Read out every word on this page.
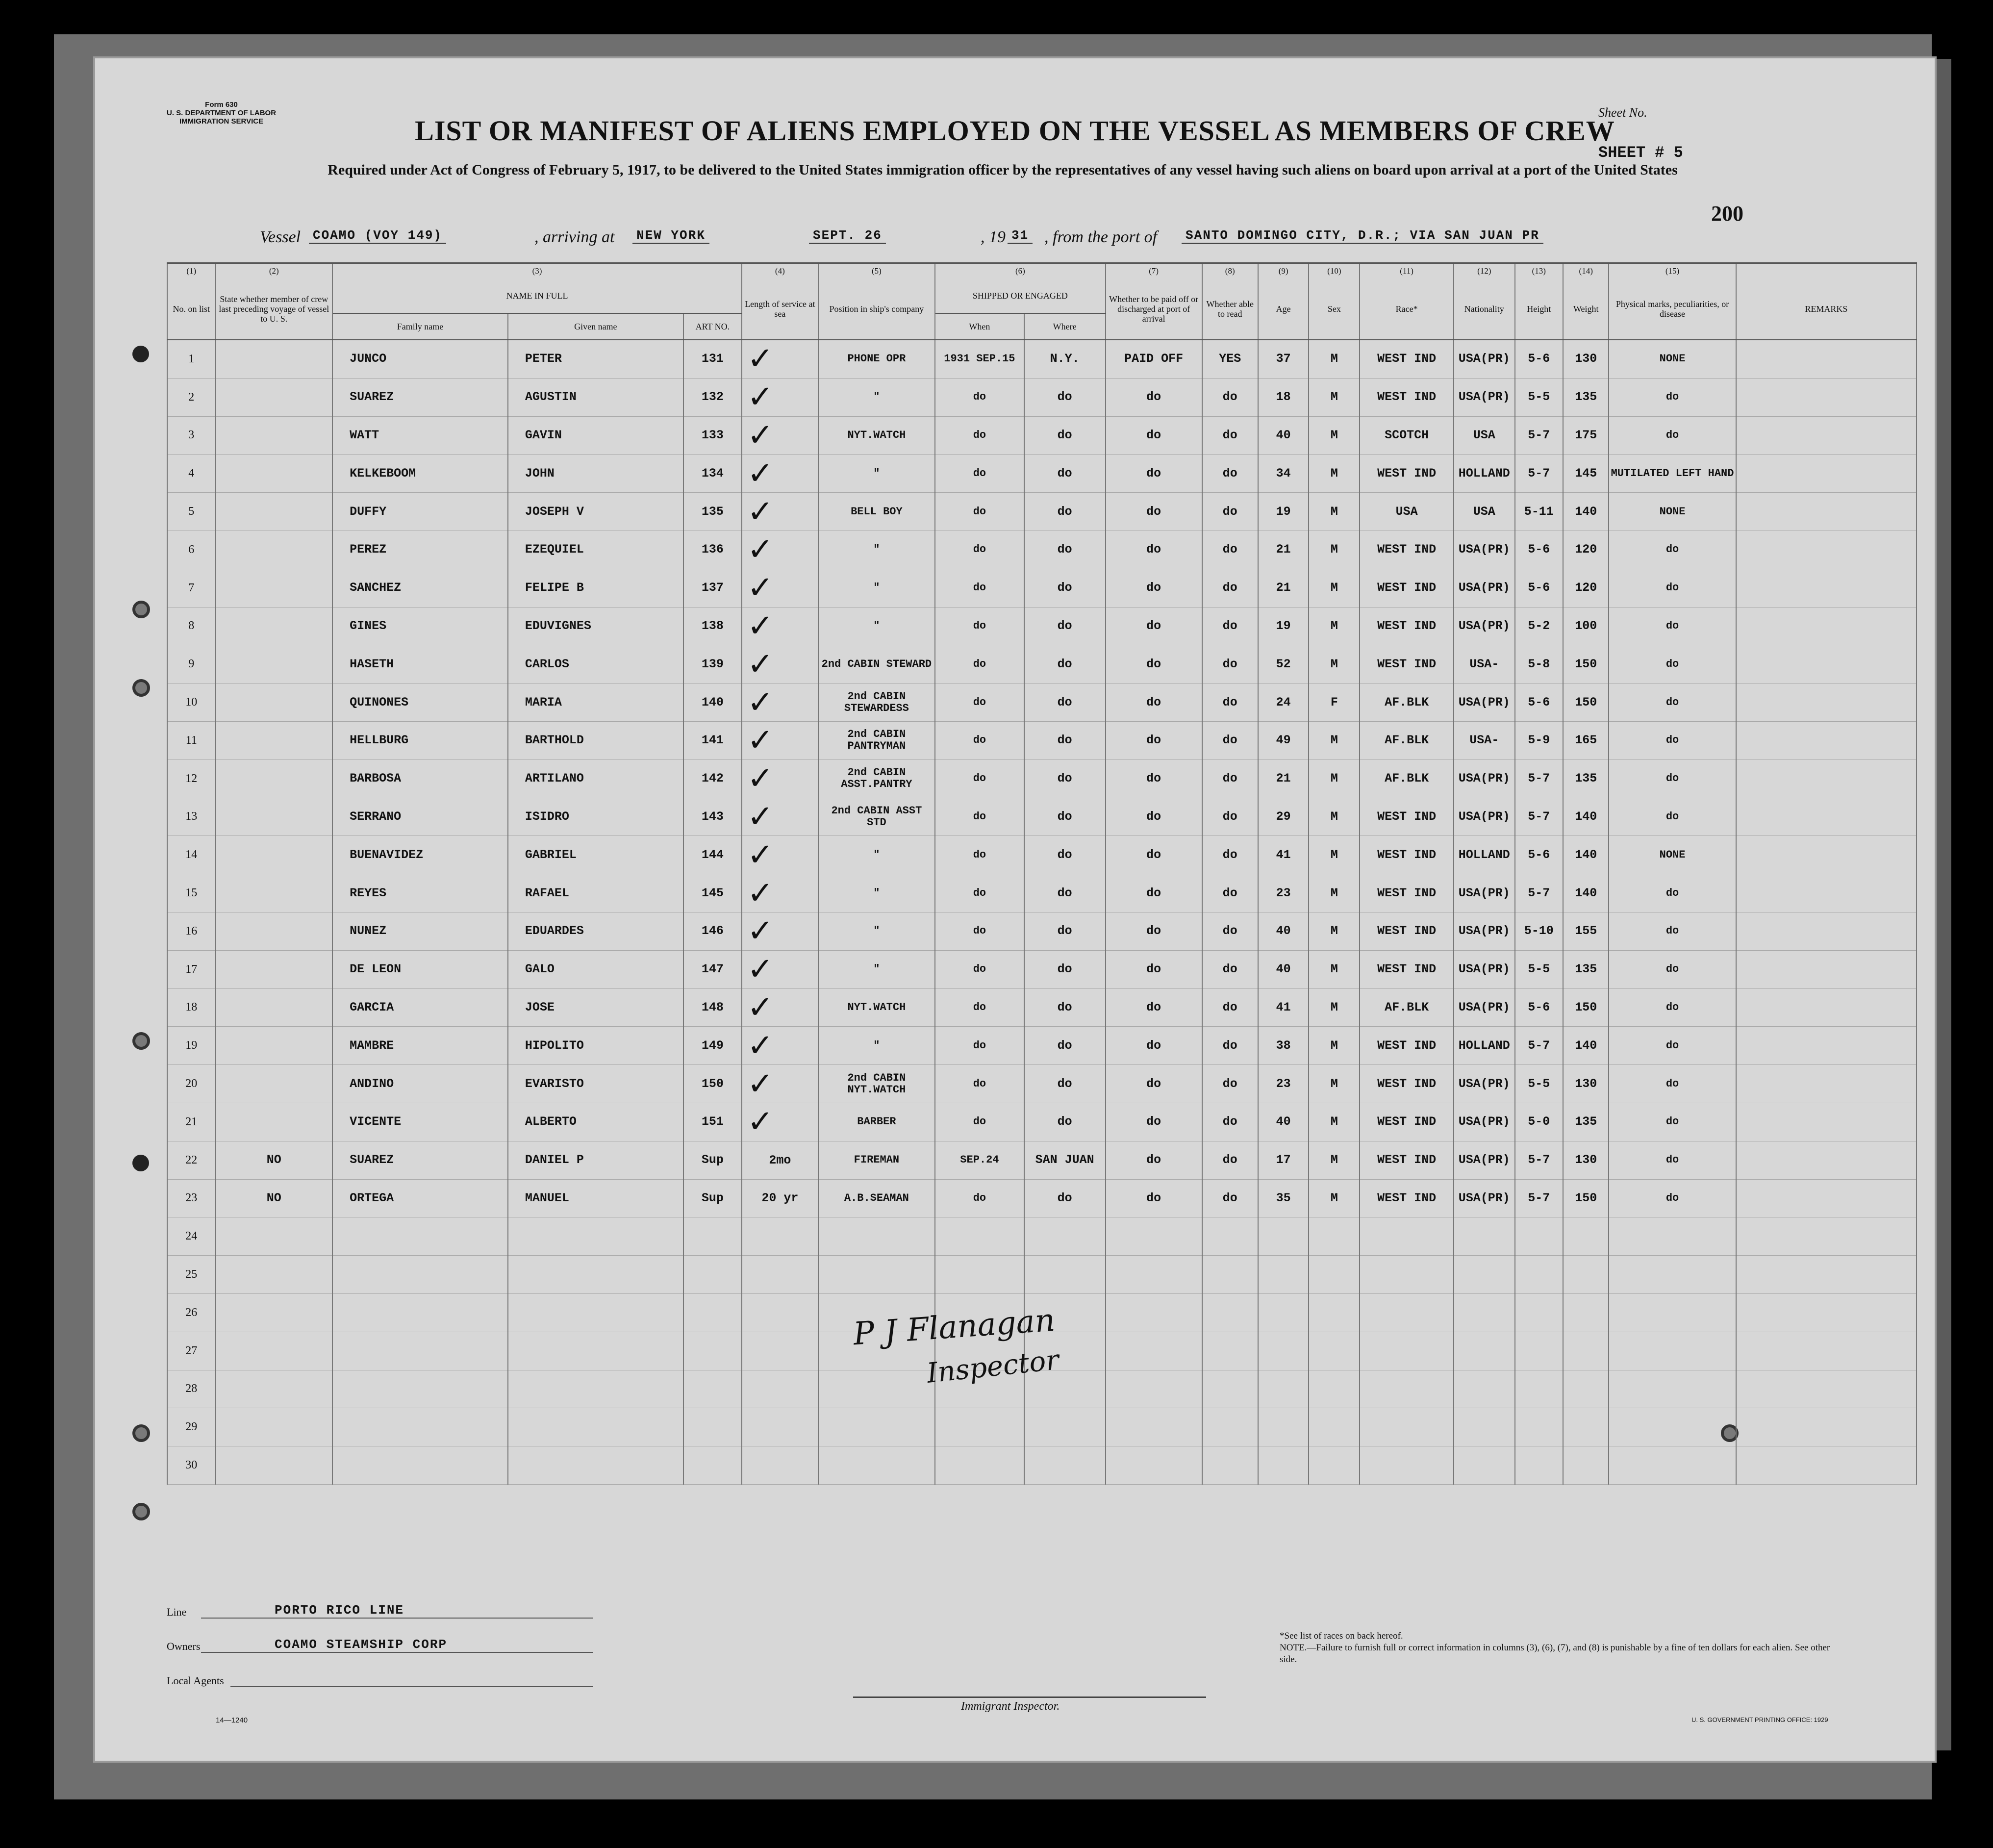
Form 630
U. S. DEPARTMENT OF LABOR
IMMIGRATION SERVICE
Sheet No.
SHEET # 5
LIST OR MANIFEST OF ALIENS EMPLOYED ON THE VESSEL AS MEMBERS OF CREW
Required under Act of Congress of February 5, 1917, to be delivered to the United States immigration officer by the representatives of any vessel having such aliens on board upon arrival at a port of the United States
200
Vessel COAMO (VOY 149)	, arriving at	NEW YORK	SEPT. 26	, 19 31 , from the port of	SANTO DOMINGO CITY, D.R.; VIA SAN JUAN PR
(1)	(2)	(3)			(4)	(5)	(6)		(7)	(8)	(9)	(10)	(11)	(12)	(13)	(14)	(15)	
No. on list	State whether member of crew last preceding voyage of vessel to U. S.	NAME IN FULL			Length of service at sea	Position in ship's company	SHIPPED OR ENGAGED		Whether to be paid off or discharged at port of arrival	Whether able to read	Age	Sex	Race*	Nationality	Height	Weight	Physical marks, peculiarities, or disease	REMARKS
		Family name	Given name	ART NO.			When	Where										
1		JUNCO	PETER	131	✓	PHONE OPR	1931 SEP.15	N.Y.	PAID OFF	YES	37	M	WEST IND	USA(PR)	5-6	130	NONE	
2		SUAREZ	AGUSTIN	132	✓	"	do	do	do	do	18	M	WEST IND	USA(PR)	5-5	135	do	
3		WATT	GAVIN	133	✓	NYT.WATCH	do	do	do	do	40	M	SCOTCH	USA	5-7	175	do	
4		KELKEBOOM	JOHN	134	✓	"	do	do	do	do	34	M	WEST IND	HOLLAND	5-7	145	MUTILATED LEFT HAND	
5		DUFFY	JOSEPH V	135	✓	BELL BOY	do	do	do	do	19	M	USA	USA	5-11	140	NONE	
6		PEREZ	EZEQUIEL	136	✓	"	do	do	do	do	21	M	WEST IND	USA(PR)	5-6	120	do	
7		SANCHEZ	FELIPE B	137	✓	"	do	do	do	do	21	M	WEST IND	USA(PR)	5-6	120	do	
8		GINES	EDUVIGNES	138	✓	"	do	do	do	do	19	M	WEST IND	USA(PR)	5-2	100	do	
9		HASETH	CARLOS	139	✓	2nd CABIN STEWARD	do	do	do	do	52	M	WEST IND	USA-	5-8	150	do	
10		QUINONES	MARIA	140	✓	2nd CABIN STEWARDESS	do	do	do	do	24	F	AF.BLK	USA(PR)	5-6	150	do	
11		HELLBURG	BARTHOLD	141	✓	2nd CABIN PANTRYMAN	do	do	do	do	49	M	AF.BLK	USA-	5-9	165	do	
12		BARBOSA	ARTILANO	142	✓	2nd CABIN ASST.PANTRY	do	do	do	do	21	M	AF.BLK	USA(PR)	5-7	135	do	
13		SERRANO	ISIDRO	143	✓	2nd CABIN ASST STD	do	do	do	do	29	M	WEST IND	USA(PR)	5-7	140	do	
14		BUENAVIDEZ	GABRIEL	144	✓	"	do	do	do	do	41	M	WEST IND	HOLLAND	5-6	140	NONE	
15		REYES	RAFAEL	145	✓	"	do	do	do	do	23	M	WEST IND	USA(PR)	5-7	140	do	
16		NUNEZ	EDUARDES	146	✓	"	do	do	do	do	40	M	WEST IND	USA(PR)	5-10	155	do	
17		DE LEON	GALO	147	✓	"	do	do	do	do	40	M	WEST IND	USA(PR)	5-5	135	do	
18		GARCIA	JOSE	148	✓	NYT.WATCH	do	do	do	do	41	M	AF.BLK	USA(PR)	5-6	150	do	
19		MAMBRE	HIPOLITO	149	✓	"	do	do	do	do	38	M	WEST IND	HOLLAND	5-7	140	do	
20		ANDINO	EVARISTO	150	✓	2nd CABIN NYT.WATCH	do	do	do	do	23	M	WEST IND	USA(PR)	5-5	130	do	
21		VICENTE	ALBERTO	151	✓	BARBER	do	do	do	do	40	M	WEST IND	USA(PR)	5-0	135	do	
22	NO	SUAREZ	DANIEL P	Sup	2mo	FIREMAN	SEP.24	SAN JUAN	do	do	17	M	WEST IND	USA(PR)	5-7	130	do	
23	NO	ORTEGA	MANUEL	Sup	20 yr	A.B.SEAMAN	do	do	do	do	35	M	WEST IND	USA(PR)	5-7	150	do	
24																		
25																		
26																		
27																		
28																		
29																		
30																		
P J Flanagan
Inspector
Line	PORTO RICO LINE
Owners	COAMO STEAMSHIP CORP
Local Agents
14—1240
Immigrant Inspector.
*See list of races on back hereof.
NOTE.—Failure to furnish full or correct information in columns (3), (6), (7), and (8) is punishable by a fine of ten dollars for each alien. See other side.
U. S. GOVERNMENT PRINTING OFFICE: 1929
